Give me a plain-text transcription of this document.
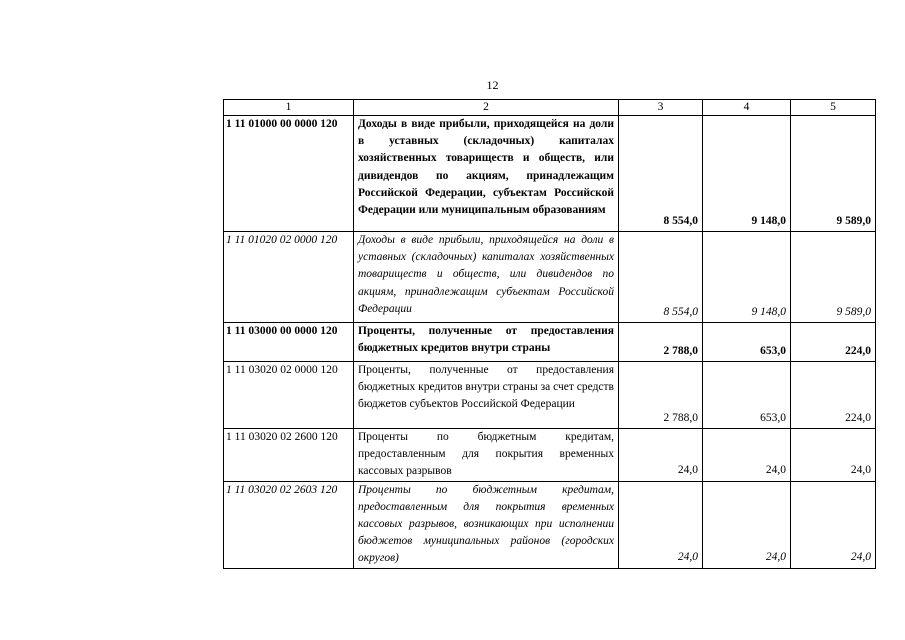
12
1	2	3	4	5
1 11 01000 00 0000 120	Доходы в виде прибыли, приходящейся на доли в уставных (складочных) капиталах хозяйственных товариществ и обществ, или дивидендов по акциям, принадлежащим Российской Федерации, субъектам Российской Федерации или муниципальным образованиям	8 554,0	9 148,0	9 589,0
1 11 01020 02 0000 120	Доходы в виде прибыли, приходящейся на доли в уставных (складочных) капиталах хозяйственных товариществ и обществ, или дивидендов по акциям, принадлежащим субъектам Российской Федерации	8 554,0	9 148,0	9 589,0
1 11 03000 00 0000 120	Проценты, полученные от предоставления бюджетных кредитов внутри страны	2 788,0	653,0	224,0
1 11 03020 02 0000 120	Проценты, полученные от предоставления бюджетных кредитов внутри страны за счет средств бюджетов субъектов Российской Федерации	2 788,0	653,0	224,0
1 11 03020 02 2600 120	Проценты по бюджетным кредитам, предоставленным для покрытия временных кассовых разрывов	24,0	24,0	24,0
1 11 03020 02 2603 120	Проценты по бюджетным кредитам, предоставленным для покрытия временных кассовых разрывов, возникающих при исполнении бюджетов муниципальных районов (городских округов)	24,0	24,0	24,0
